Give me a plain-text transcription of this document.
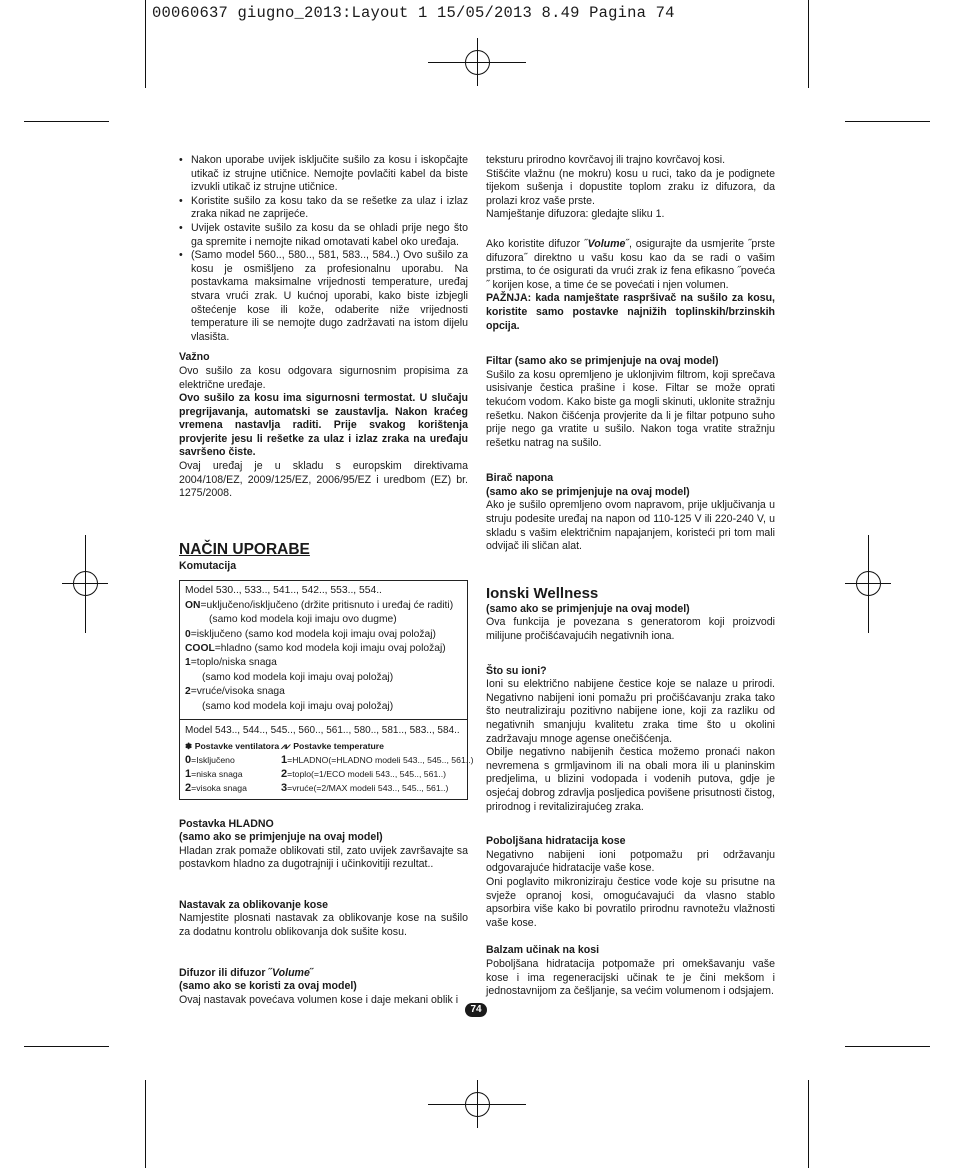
00060637 giugno_2013:Layout 1 15/05/2013 8.49 Pagina 74
• Nakon uporabe uvijek isključite sušilo za kosu i iskopčajte utikač iz strujne utičnice. Nemojte povlačiti kabel da biste izvukli utikač iz strujne utičnice.
• Koristite sušilo za kosu tako da se rešetke za ulaz i izlaz zraka nikad ne zaprijeće.
• Uvijek ostavite sušilo za kosu da se ohladi prije nego što ga spremite i nemojte nikad omotavati kabel oko uređaja.
• (Samo model 560.., 580.., 581, 583.., 584..) Ovo sušilo za kosu je osmišljeno za profesionalnu uporabu. Na postavkama maksimalne vrijednosti temperature, uređaj stvara vrući zrak. U kućnoj uporabi, kako biste izbjegli oštećenje kose ili kože, odaberite niže vrijednosti temperature ili se nemojte dugo zadržavati na istom dijelu vlasišta.

Važno

Ovo sušilo za kosu odgovara sigurnosnim propisima za električne uređaje.

Ovo sušilo za kosu ima sigurnosni termostat. U slučaju pregrijavanja, automatski se zaustavlja. Nakon kraćeg vremena nastavlja raditi. Prije svakog korištenja provjerite jesu li rešetke za ulaz i izlaz zraka na uređaju savršeno čiste.

Ovaj uređaj je u skladu s europskim direktivama 2004/108/EZ, 2009/125/EZ, 2006/95/EZ i uredbom (EZ) br. 1275/2008.

NAČIN UPORABE

Komutacija

Model 530.., 533.., 541.., 542.., 553.., 554..
ON=uključeno/isključeno (držite pritisnuto i uređaj će raditi)
(samo kod modela koji imaju ovo dugme)
0=isključeno (samo kod modela koji imaju ovaj položaj)
COOL=hladno (samo kod modela koji imaju ovaj položaj)
1=toplo/niska snaga
(samo kod modela koji imaju ovaj položaj)
2=vruće/visoka snaga
(samo kod modela koji imaju ovaj položaj)
Model 543.., 544.., 545.., 560.., 561.., 580.., 581.., 583.., 584..
✽ Postavke ventilatora ⩘⩗ Postavke temperature
0=Isključeno	1=HLADNO(=HLADNO modeli 543.., 545.., 561..)
1=niska snaga	2=toplo(=1/ECO modeli 543.., 545.., 561..)
2=visoka snaga	3=vruće(=2/MAX modeli 543.., 545.., 561..)

Postavka HLADNO

(samo ako se primjenjuje na ovaj model)

Hladan zrak pomaže oblikovati stil, zato uvijek završavajte sa postavkom hladno za dugotrajniji i učinkovitiji rezultat..

Nastavak za oblikovanje kose

Namjestite plosnati nastavak za oblikovanje kose na sušilo za dodatnu kontrolu oblikovanja dok sušite kosu.

Difuzor ili difuzor ˝Volume˝

(samo ako se koristi za ovaj model)

Ovaj nastavak povećava volumen kose i daje mekani oblik i

teksturu prirodno kovrčavoj ili trajno kovrčavoj kosi.

Stišćite vlažnu (ne mokru) kosu u ruci, tako da je podignete tijekom sušenja i dopustite toplom zraku iz difuzora, da prolazi kroz vaše prste.

Namještanje difuzora: gledajte sliku 1.

Ako koristite difuzor ˝Volume˝, osigurajte da usmjerite ˝prste difuzora˝ direktno u vašu kosu kao da se radi o vašim prstima, to će osigurati da vrući zrak iz fena efikasno ˝poveća ˝ korijen kose, a time će se povećati i njen volumen.

PAŽNJA: kada namještate raspršivač na sušilo za kosu, koristite samo postavke najnižih toplinskih/brzinskih opcija.

Filtar (samo ako se primjenjuje na ovaj model)

Sušilo za kosu opremljeno je uklonjivim filtrom, koji sprečava usisivanje čestica prašine i kose. Filtar se može oprati tekućom vodom. Kako biste ga mogli skinuti, uklonite stražnju rešetku. Nakon čišćenja provjerite da li je filtar potpuno suho prije nego ga vratite u sušilo. Nakon toga vratite stražnju rešetku natrag na sušilo.

Birač napona

(samo ako se primjenjuje na ovaj model)

Ako je sušilo opremljeno ovom napravom, prije uključivanja u struju podesite uređaj na napon od 110-125 V ili 220-240 V, u skladu s vašim električnim napajanjem, koristeći pri tom mali odvijač ili sličan alat.

Ionski Wellness

(samo ako se primjenjuje na ovaj model)

Ova funkcija je povezana s generatorom koji proizvodi milijune pročišćavajućih negativnih iona.

Što su ioni?

Ioni su električno nabijene čestice koje se nalaze u prirodi. Negativno nabijeni ioni pomažu pri pročišćavanju zraka tako što neutraliziraju pozitivno nabijene ione, koji za razliku od negativnih smanjuju kvalitetu zraka time što u okolini zadržavaju mnoge agense onečišćenja.

Obilje negativno nabijenih čestica možemo pronaći nakon nevremena s grmljavinom ili na obali mora ili u planinskim predjelima, u blizini vodopada i vodenih putova, gdje je osjećaj dobrog zdravlja posljedica povišene prisutnosti čistog, prirodnog i revitalizirajućeg zraka.

Poboljšana hidratacija kose

Negativno nabijeni ioni potpomažu pri održavanju odgovarajuće hidratacije vaše kose.

Oni poglavito mikroniziraju čestice vode koje su prisutne na svježe opranoj kosi, omogućavajući da vlasno stablo apsorbira više kako bi povratilo prirodnu ravnotežu vlažnosti vaše kose.

Balzam učinak na kosi

Poboljšana hidratacija potpomaže pri omekšavanju vaše kose i ima regeneracijski učinak te je čini mekšom i jednostavnijom za češljanje, sa većim volumenom i odsjajem.

74
